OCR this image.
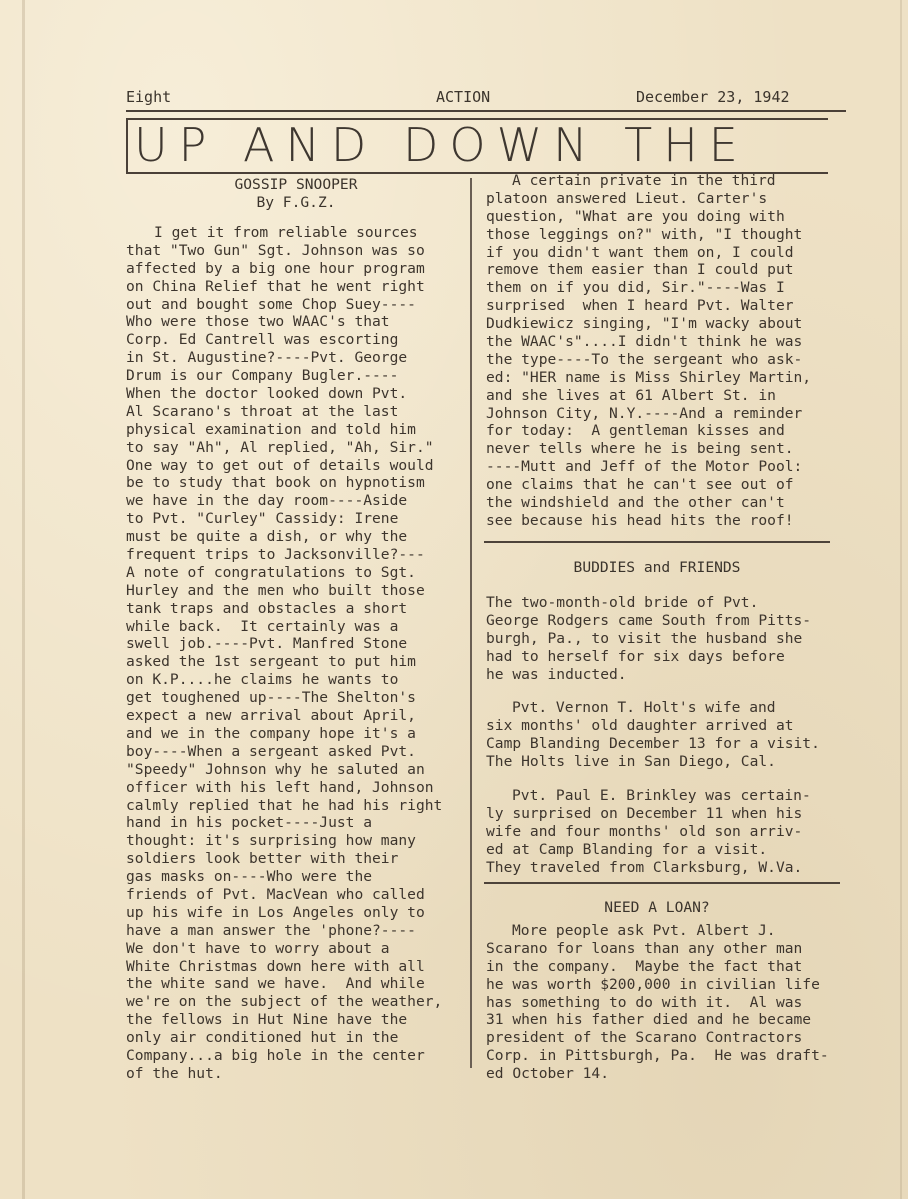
Eight	ACTION	December 23, 1942
UP AND DOWN THE
GOSSIP SNOOPER
By F.G.Z.
I get it from reliable sources
that "Two Gun" Sgt. Johnson was so
affected by a big one hour program
on China Relief that he went right
out and bought some Chop Suey----
Who were those two WAAC's that
Corp. Ed Cantrell was escorting
in St. Augustine?----Pvt. George
Drum is our Company Bugler.----
When the doctor looked down Pvt.
Al Scarano's throat at the last
physical examination and told him
to say "Ah", Al replied, "Ah, Sir."
One way to get out of details would
be to study that book on hypnotism
we have in the day room----Aside
to Pvt. "Curley" Cassidy: Irene
must be quite a dish, or why the
frequent trips to Jacksonville?---
A note of congratulations to Sgt.
Hurley and the men who built those
tank traps and obstacles a short
while back.  It certainly was a
swell job.----Pvt. Manfred Stone
asked the 1st sergeant to put him
on K.P....he claims he wants to
get toughened up----The Shelton's
expect a new arrival about April,
and we in the company hope it's a
boy----When a sergeant asked Pvt.
"Speedy" Johnson why he saluted an
officer with his left hand, Johnson
calmly replied that he had his right
hand in his pocket----Just a
thought: it's surprising how many
soldiers look better with their
gas masks on----Who were the
friends of Pvt. MacVean who called
up his wife in Los Angeles only to
have a man answer the 'phone?----
We don't have to worry about a
White Christmas down here with all
the white sand we have.  And while
we're on the subject of the weather,
the fellows in Hut Nine have the
only air conditioned hut in the
Company...a big hole in the center
of the hut.
A certain private in the third
platoon answered Lieut. Carter's
question, "What are you doing with
those leggings on?" with, "I thought
if you didn't want them on, I could
remove them easier than I could put
them on if you did, Sir."----Was I
surprised  when I heard Pvt. Walter
Dudkiewicz singing, "I'm wacky about
the WAAC's"....I didn't think he was
the type----To the sergeant who ask-
ed: "HER name is Miss Shirley Martin,
and she lives at 61 Albert St. in
Johnson City, N.Y.----And a reminder
for today:  A gentleman kisses and
never tells where he is being sent.
----Mutt and Jeff of the Motor Pool:
one claims that he can't see out of
the windshield and the other can't
see because his head hits the roof!
BUDDIES and FRIENDS
The two-month-old bride of Pvt.
George Rodgers came South from Pitts-
burgh, Pa., to visit the husband she
had to herself for six days before
he was inducted.
Pvt. Vernon T. Holt's wife and
six months' old daughter arrived at
Camp Blanding December 13 for a visit.
The Holts live in San Diego, Cal.
Pvt. Paul E. Brinkley was certain-
ly surprised on December 11 when his
wife and four months' old son arriv-
ed at Camp Blanding for a visit.
They traveled from Clarksburg, W.Va.
NEED A LOAN?
More people ask Pvt. Albert J.
Scarano for loans than any other man
in the company.  Maybe the fact that
he was worth $200,000 in civilian life
has something to do with it.  Al was
31 when his father died and he became
president of the Scarano Contractors
Corp. in Pittsburgh, Pa.  He was draft-
ed October 14.
